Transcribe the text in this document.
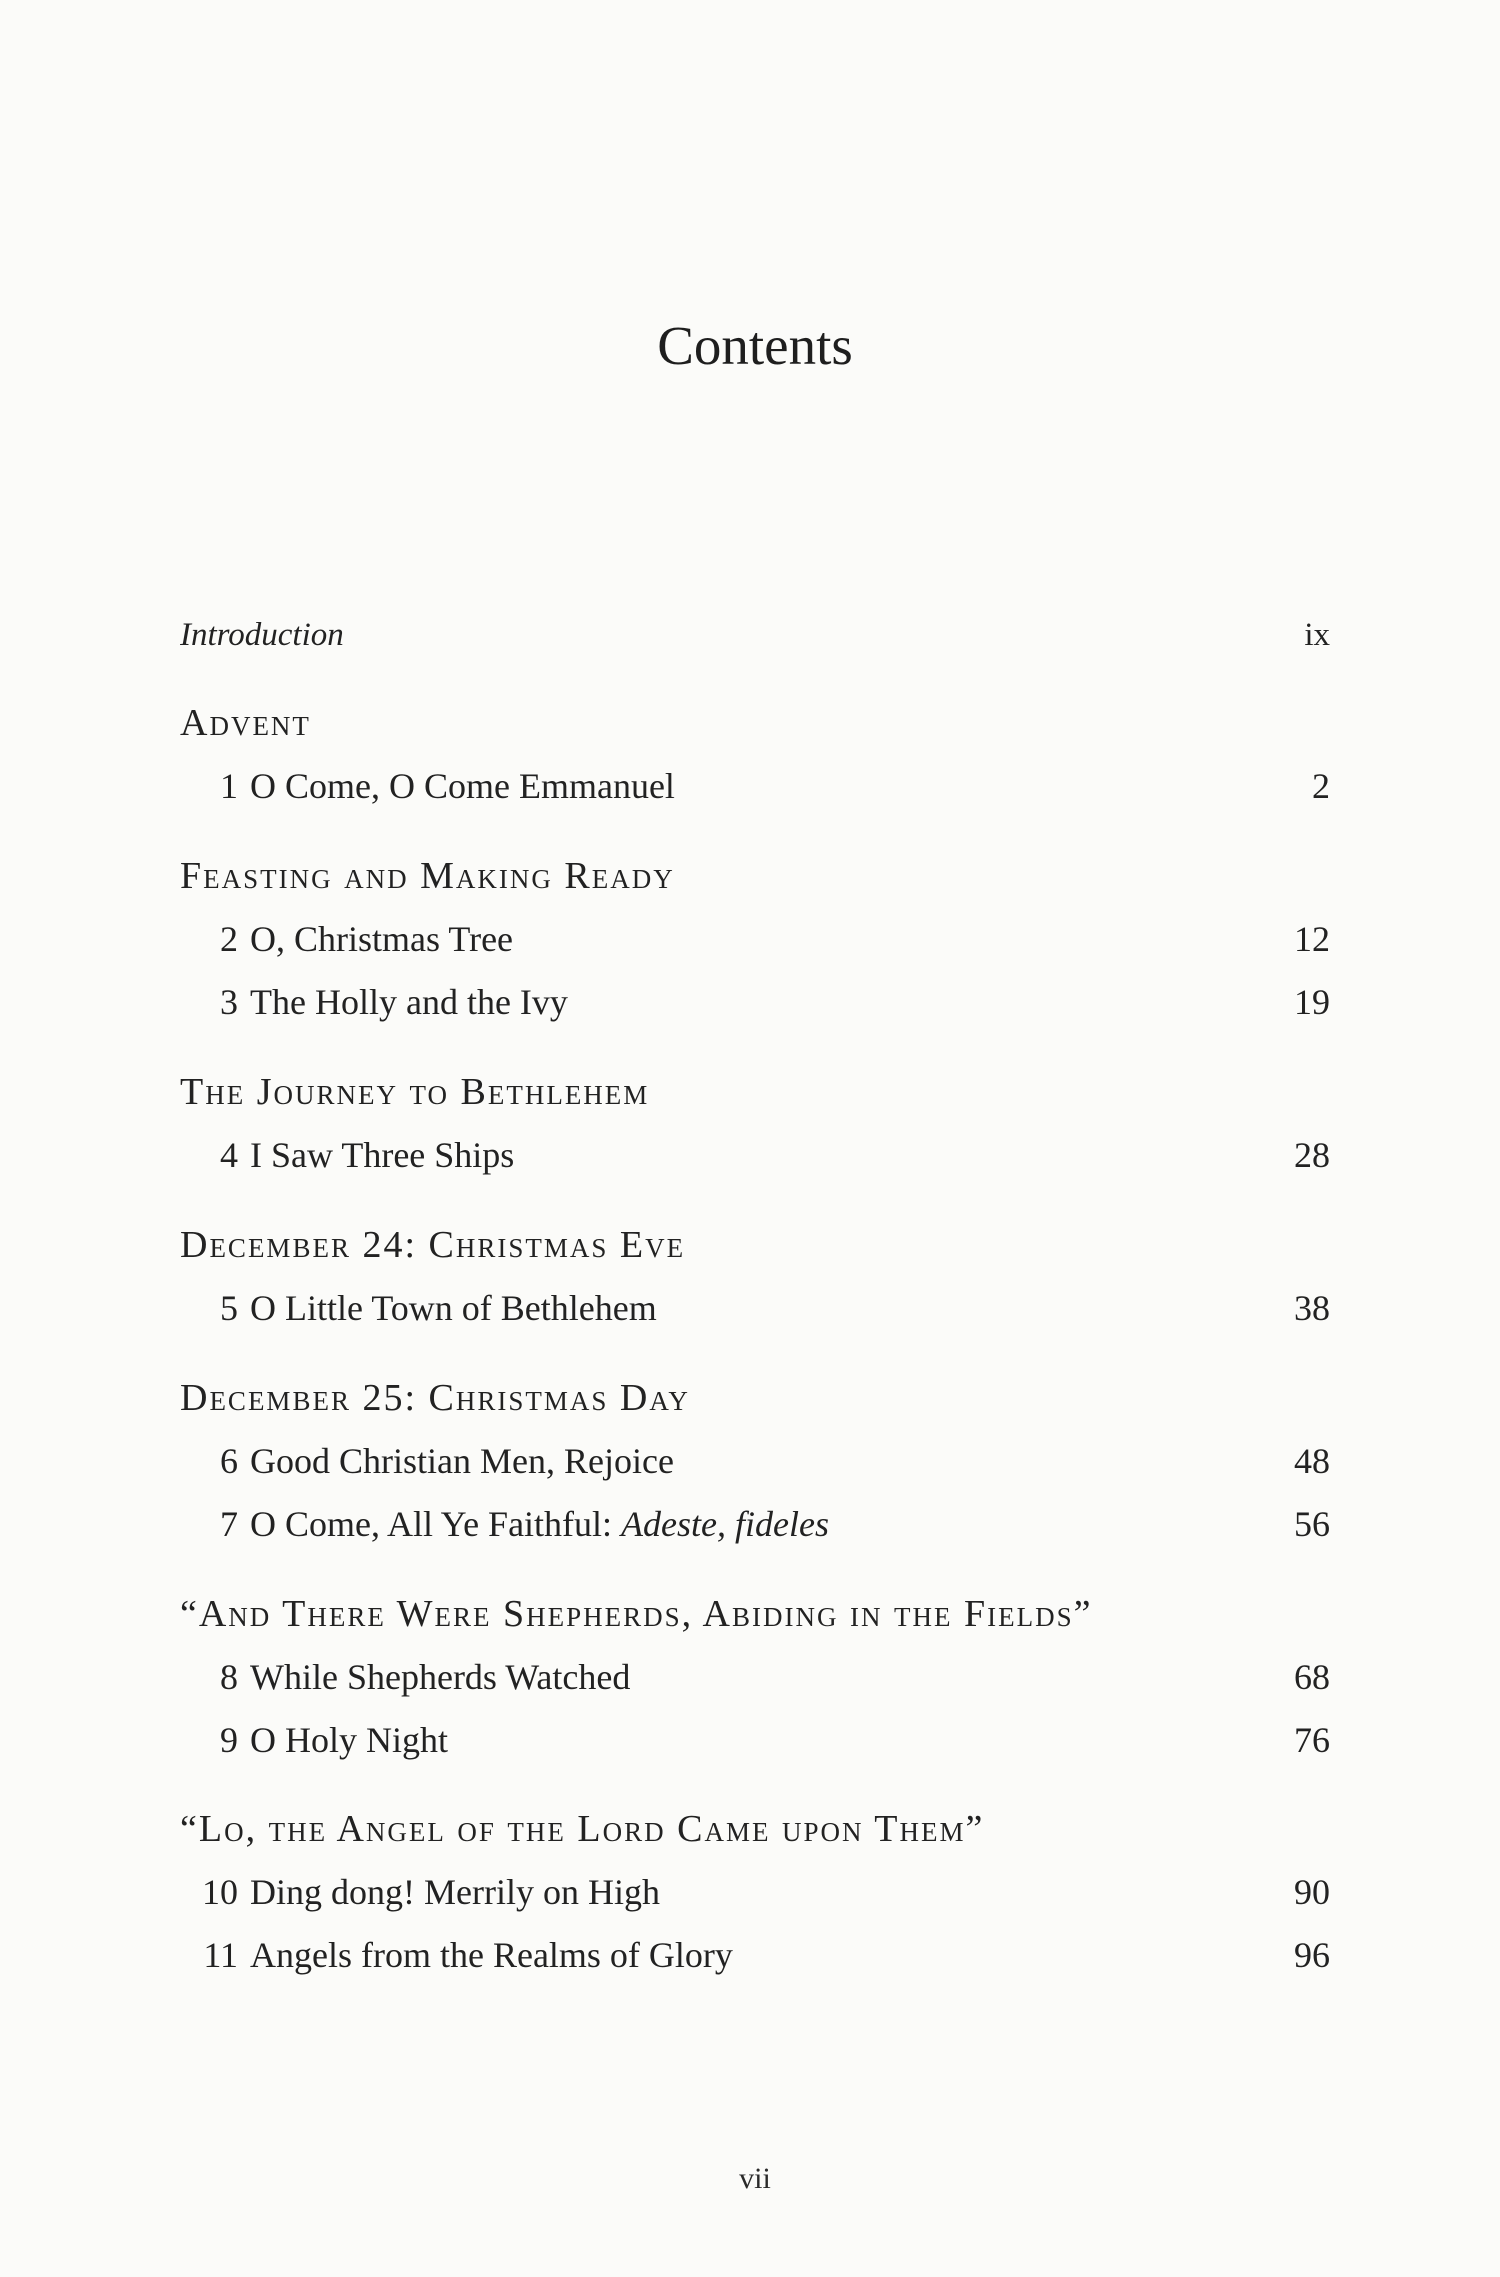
Contents
Introduction	ix
Advent
1 O Come, O Come Emmanuel	2
Feasting and Making Ready
2 O, Christmas Tree	12
3 The Holly and the Ivy	19
The Journey to Bethlehem
4 I Saw Three Ships	28
December 24: Christmas Eve
5 O Little Town of Bethlehem	38
December 25: Christmas Day
6 Good Christian Men, Rejoice	48
7 O Come, All Ye Faithful: Adeste, fideles	56
“And There Were Shepherds, Abiding in the Fields”
8 While Shepherds Watched	68
9 O Holy Night	76
“Lo, the Angel of the Lord Came upon Them”
10 Ding dong! Merrily on High	90
11 Angels from the Realms of Glory	96
vii
